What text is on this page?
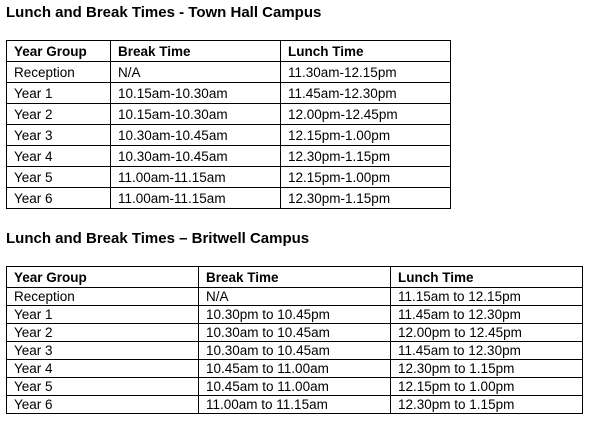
Lunch and Break Times - Town Hall Campus
Year Group	Break Time	Lunch Time
Reception	N/A	11.30am-12.15pm
Year 1	10.15am-10.30am	11.45am-12.30pm
Year 2	10.15am-10.30am	12.00pm-12.45pm
Year 3	10.30am-10.45am	12.15pm-1.00pm
Year 4	10.30am-10.45am	12.30pm-1.15pm
Year 5	11.00am-11.15am	12.15pm-1.00pm
Year 6	11.00am-11.15am	12.30pm-1.15pm
Lunch and Break Times – Britwell Campus
Year Group	Break Time	Lunch Time
Reception	N/A	11.15am to 12.15pm
Year 1	10.30pm to 10.45pm	11.45am to 12.30pm
Year 2	10.30am to 10.45am	12.00pm to 12.45pm
Year 3	10.30am to 10.45am	11.45am to 12.30pm
Year 4	10.45am to 11.00am	12.30pm to 1.15pm
Year 5	10.45am to 11.00am	12.15pm to 1.00pm
Year 6	11.00am to 11.15am	12.30pm to 1.15pm
